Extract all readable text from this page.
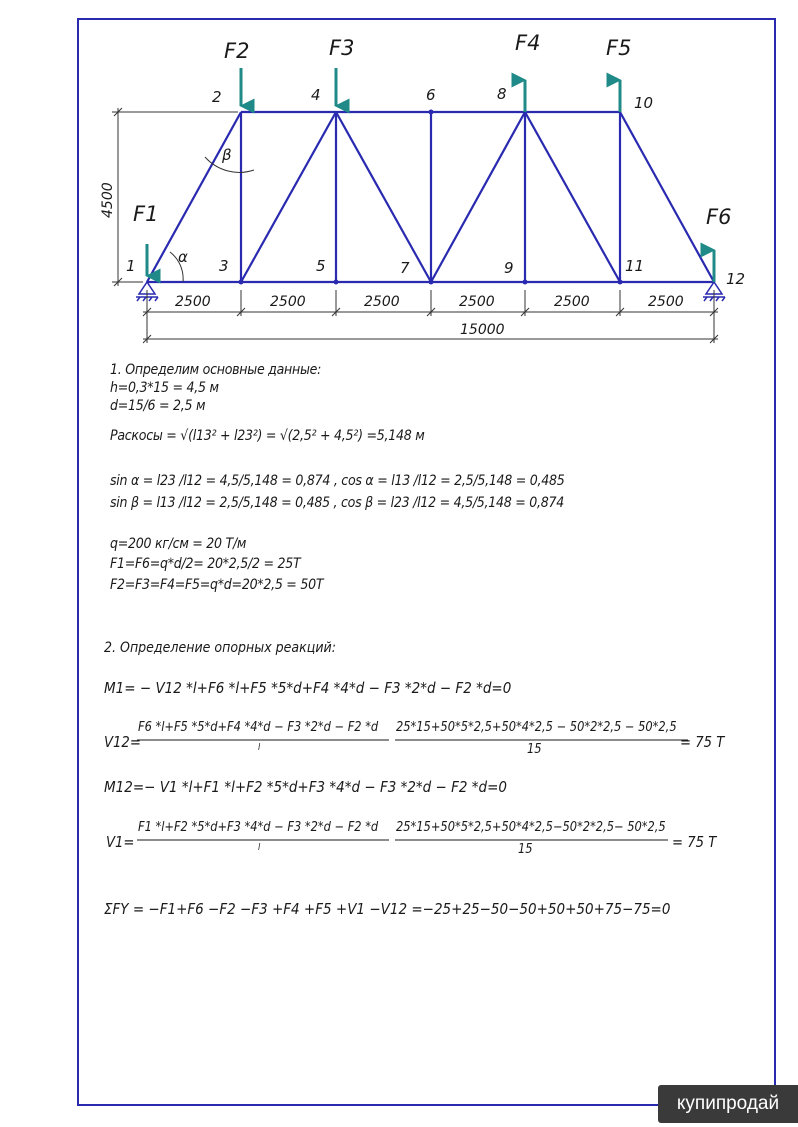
1
2
3
4
5
6
7
8
9
10
11
12
F2	F3	F4	F5
F1	F6
4500
2500	2500	2500	2500	2500	2500
15000
α
β
1. Определим основные данные:
h=0,3*15 = 4,5 м
d=15/6 = 2,5 м
Раскосы = √(l13² + l23²) = √(2,5² + 4,5²) =5,148 м
sin α = l23 /l12 = 4,5/5,148 = 0,874 , cos α = l13 /l12 = 2,5/5,148 = 0,485
sin β = l13 /l12 = 2,5/5,148 = 0,485 , cos β = l23 /l12 = 4,5/5,148 = 0,874
q=200 кг/см = 20 T/м
F1=F6=q*d/2= 20*2,5/2 = 25T
F2=F3=F4=F5=q*d=20*2,5 = 50T
2. Определение опорных реакций:
M1= − V12 *l+F6 *l+F5 *5*d+F4 *4*d − F3 *2*d − F2 *d=0
V12=
F6 *l+F5 *5*d+F4 *4*d − F3 *2*d − F2 *d
l
25*15+50*5*2,5+50*4*2,5 − 50*2*2,5 − 50*2,5
15	= 75 T
M12=− V1 *l+F1 *l+F2 *5*d+F3 *4*d − F3 *2*d − F2 *d=0
V1=
F1 *l+F2 *5*d+F3 *4*d − F3 *2*d − F2 *d
l
25*15+50*5*2,5+50*4*2,5−50*2*2,5− 50*2,5
15	= 75 T
ΣFY = −F1+F6 −F2 −F3 +F4 +F5 +V1 −V12 =−25+25−50−50+50+50+75−75=0
купипродай
